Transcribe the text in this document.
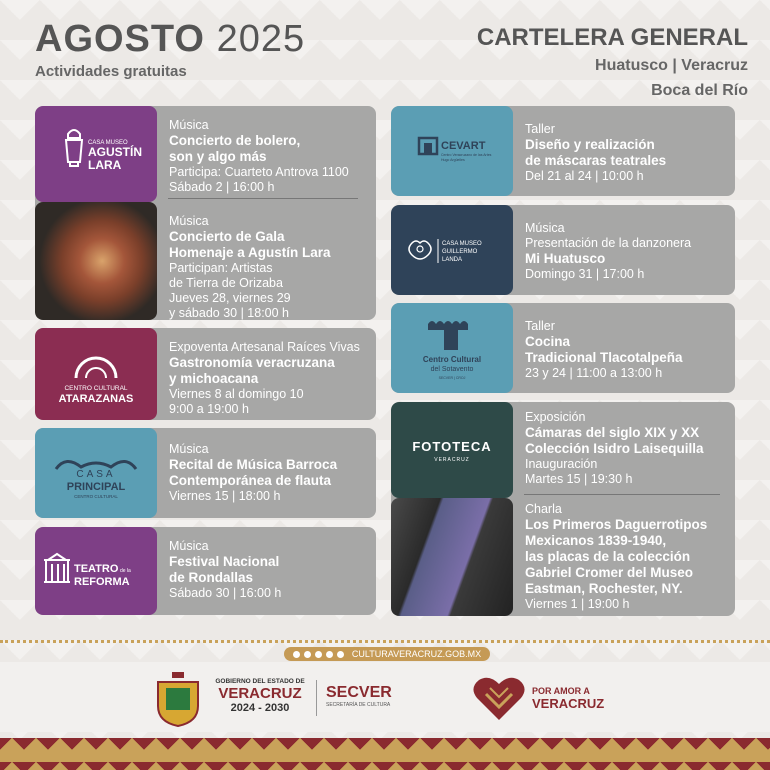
AGOSTO 2025
Actividades gratuitas
CARTELERA GENERAL
Huatusco | Veracruz
Boca del Río
CASA MUSEO
AGUSTÍN
LARA
Música
Concierto de bolero,
son y algo más
Participa: Cuarteto Antrova 1100
Sábado 2 | 16:00 h
Música
Concierto de Gala
Homenaje a Agustín Lara
Participan: Artistas
de Tierra de Orizaba
Jueves 28, viernes 29
y sábado 30 | 18:00 h
CENTRO CULTURAL
ATARAZANAS
Expoventa Artesanal Raíces Vivas
Gastronomía veracruzana
y michoacana
Viernes 8 al domingo 10
9:00 a 19:00 h
CASA
PRINCIPAL
CENTRO CULTURAL
Música
Recital de Música Barroca
Contemporánea de flauta
Viernes 15 | 18:00 h
TEATRO de la
REFORMA
Música
Festival Nacional
de Rondallas
Sábado 30 | 16:00 h
CEVART
Centro Veracruzano de las Artes
Hugo Argüelles
Taller
Diseño y realización
de máscaras teatrales
Del 21 al 24 | 10:00 h
CASA MUSEO
GUILLERMO
LANDA
Música
Presentación de la danzonera
Mi Huatusco
Domingo 31 | 17:00 h
Centro Cultural
del Sotavento
SECVER | CROJ
Taller
Cocina
Tradicional Tlacotalpeña
23 y 24 | 11:00 a 13:00 h
FOTOTECA
VERACRUZ
Exposición
Cámaras del siglo XIX y XX
Colección Isidro Laisequilla
Inauguración
Martes 15 | 19:30 h
Charla
Los Primeros Daguerrotipos
Mexicanos 1839-1940,
las placas de la colección
Gabriel Cromer del Museo
Eastman, Rochester, NY.
Viernes 1 | 19:00 h
CULTURAVERACRUZ.GOB.MX
GOBIERNO DEL ESTADO DE
VERACRUZ
2024 - 2030
SECVER
SECRETARÍA DE CULTURA
POR AMOR A
VERACRUZ
